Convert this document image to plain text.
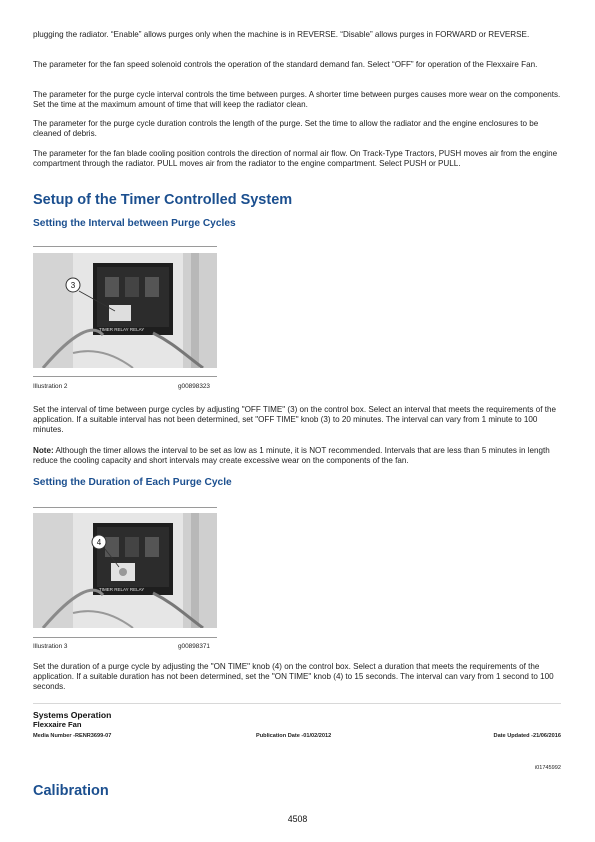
plugging the radiator. “Enable” allows purges only when the machine is in REVERSE. “Disable” allows purges in FORWARD or REVERSE.

The parameter for the fan speed solenoid controls the operation of the standard demand fan. Select “OFF” for operation of the Flexxaire Fan.

The parameter for the purge cycle interval controls the time between purges. A shorter time between purges causes more wear on the components. Set the time at the maximum amount of time that will keep the radiator clean.

The parameter for the purge cycle duration controls the length of the purge. Set the time to allow the radiator and the engine enclosures to be cleaned of debris.

The parameter for the fan blade cooling position controls the direction of normal air flow. On Track-Type Tractors, PUSH moves air from the engine compartment through the radiator. PULL moves air from the radiator to the engine compartment. Select PUSH or PULL.

Setup of the Timer Controlled System
Setting the Interval between Purge Cycles
3
TIMER RELAY RELAY
Illustration 2	g00898323

Set the interval of time between purge cycles by adjusting "OFF TIME" (3) on the control box. Select an interval that meets the requirements of the application. If a suitable interval has not been determined, set "OFF TIME" knob (3) to 20 minutes. The interval can vary from 1 minute to 100 minutes.

Note: Although the timer allows the interval to be set as low as 1 minute, it is NOT recommended. Intervals that are less than 5 minutes in length reduce the cooling capacity and short intervals may create excessive wear on the components of the fan.

Setting the Duration of Each Purge Cycle
4
TIMER RELAY RELAY
Illustration 3	g00898371

Set the duration of a purge cycle by adjusting the "ON TIME" knob (4) on the control box. Select a duration that meets the requirements of the application. If a suitable duration has not been determined, set the "ON TIME" knob (4) to 15 seconds. The interval can vary from 1 second to 100 seconds.

Systems Operation
Flexxaire Fan
Media Number -RENR3699-07	Publication Date -01/02/2012	Date Updated -21/06/2016
i01745992
Calibration
4508
